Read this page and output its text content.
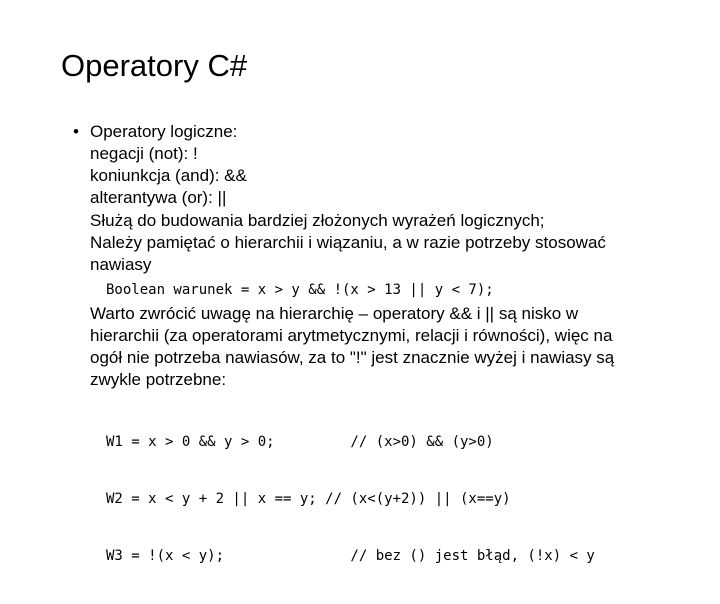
Operatory C#
• Operatory logiczne:
negacji (not): !
koniunkcja (and): &&
alterantywa (or): ||
Służą do budowania bardziej złożonych wyrażeń logicznych;
Należy pamiętać o hierarchii i wiązaniu, a w razie potrzeby stosować
nawiasy
Boolean warunek = x > y && !(x > 13 || y < 7);
Warto zwrócić uwagę na hierarchię – operatory && i || są nisko w
hierarchii (za operatorami arytmetycznymi, relacji i równości), więc na
ogół nie potrzeba nawiasów, za to "!" jest znacznie wyżej i nawiasy są
zwykle potrzebne:

W1 = x > 0 && y > 0;         // (x>0) && (y>0)

W2 = x < y + 2 || x == y; // (x<(y+2)) || (x==y)

W3 = !(x < y);               // bez () jest błąd, (!x) < y
